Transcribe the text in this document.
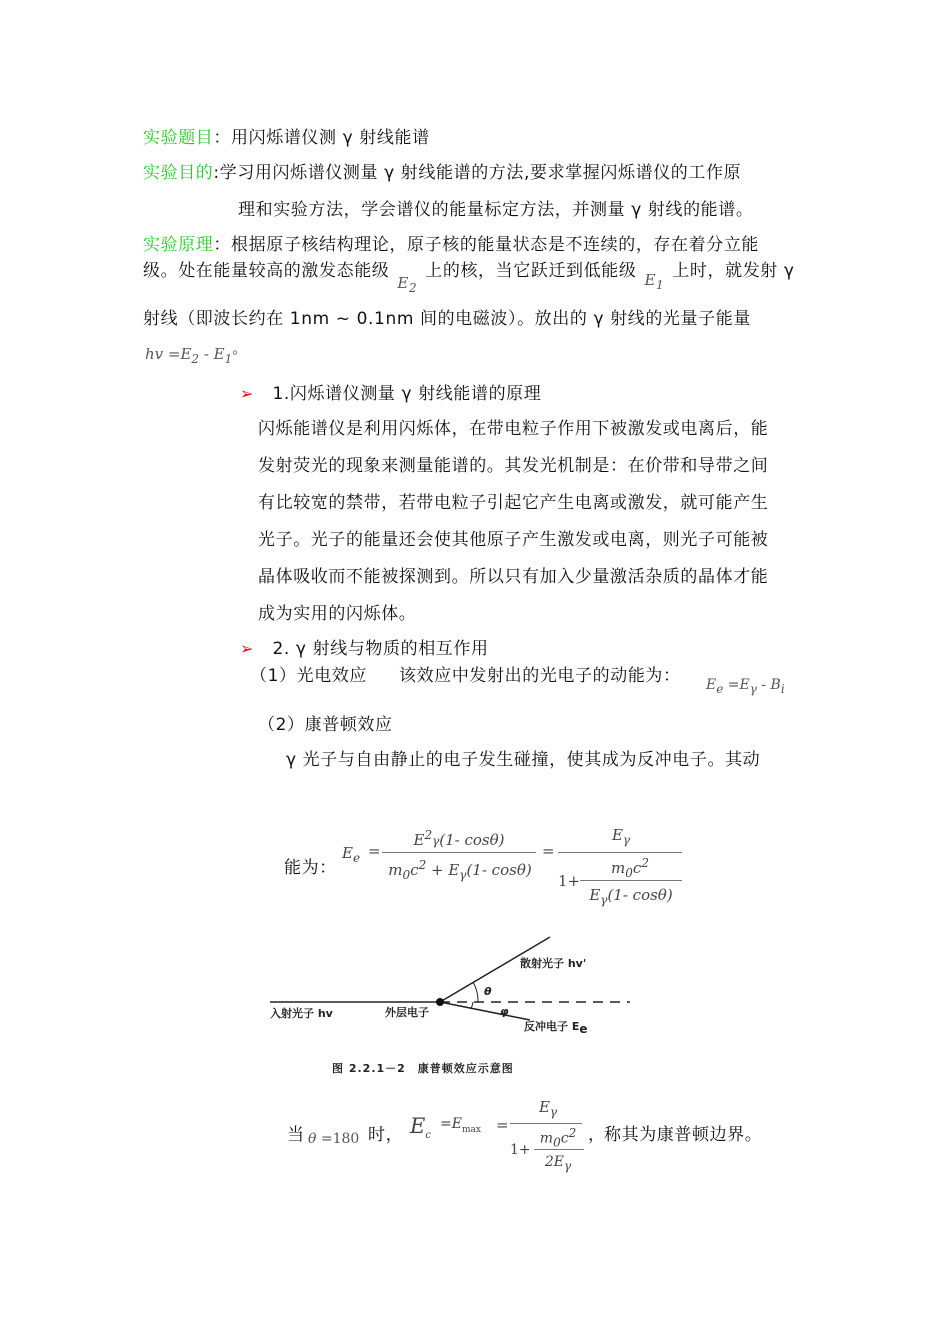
实验题目：用闪烁谱仪测 γ 射线能谱
实验目的:学习用闪烁谱仪测量 γ 射线能谱的方法,要求掌握闪烁谱仪的工作原
理和实验方法，学会谱仪的能量标定方法，并测量 γ 射线的能谱。
实验原理：根据原子核结构理论，原子核的能量状态是不连续的，存在着分立能
级。处在能量较高的激发态能级 $E_2$ 上的核，当它跃迁到低能级 $E_1$ 上时，就发射 γ
射线（即波长约在 1nm ~ 0.1nm 间的电磁波）。放出的 γ 射线的光量子能量
hv $=E_2 - E_1$。
➢ 1.闪烁谱仪测量 γ 射线能谱的原理
闪烁能谱仪是利用闪烁体，在带电粒子作用下被激发或电离后，能
发射荧光的现象来测量能谱的。其发光机制是：在价带和导带之间
有比较宽的禁带，若带电粒子引起它产生电离或激发，就可能产生
光子。光子的能量还会使其他原子产生激发或电离，则光子可能被
晶体吸收而不能被探测到。所以只有加入少量激活杂质的晶体才能
成为实用的闪烁体。
➢ 2. γ 射线与物质的相互作用
（1）光电效应 该效应中发射出的光电子的动能为： $E_e =E_\gamma - B_i$
（2）康普顿效应
γ 光子与自由静止的电子发生碰撞，使其成为反冲电子。其动
能为：
$E_e$ =
$E^2\gamma(1-$ cosθ)
$m_0c^2 + E_\gamma(1-$ cosθ)
=
$E_\gamma$
1+
$m_0c^2$
$E_\gamma(1-$ cosθ)
散射光子 hv'
入射光子 hv	外层电子
反冲电子 $E_e$
θ
φ
图 2.2.1－2　康普顿效应示意图
当 θ =180 时， $E_c$
$=E_{max}$ =
$E_\gamma$
1+
$m_0c^2$
$2E_\gamma$
，
称其为康普顿边界。
